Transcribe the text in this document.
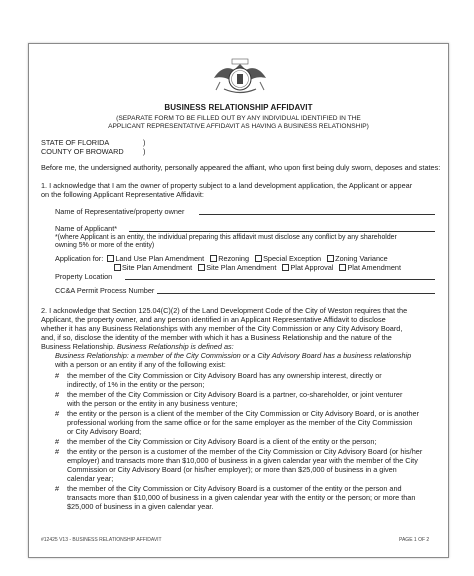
BUSINESS RELATIONSHIP AFFIDAVIT
(SEPARATE FORM TO BE FILLED OUT BY ANY INDIVIDUAL IDENTIFIED IN THE
APPLICANT REPRESENTATIVE AFFIDAVIT AS HAVING A BUSINESS RELATIONSHIP)
STATE OF FLORIDA	)
COUNTY OF BROWARD	)
Before me, the undersigned authority, personally appeared the affiant, who upon first being duly sworn, deposes and states:
1. I acknowledge that I am the owner of property subject to a land development application, the Applicant or appear
on the following Applicant Representative Affidavit:
Name of Representative/property owner
Name of Applicant*
*(where Applicant is an entity, the individual preparing this affidavit must disclose any conflict by any shareholder
owning 5% or more of the entity)
Application for: Land Use Plan Amendment Rezoning Special Exception Zoning Variance
Site Plan Amendment Site Plan Amendment Plat Approval Plat Amendment
Property Location
CC&A Permit Process Number
2. I acknowledge that Section 125.04(C)(2) of the Land Development Code of the City of Weston requires that the
Applicant, the property owner, and any person identified in an Applicant Representative Affidavit to disclose
whether it has any Business Relationships with any member of the City Commission or any City Advisory Board,
and, if so, disclose the identity of the member with which it has a Business Relationship and the nature of the
Business Relationship. Business Relationship is defined as:
Business Relationship: a member of the City Commission or a City Advisory Board has a business relationship
with a person or an entity if any of the following exist:
# the member of the City Commission or City Advisory Board has any ownership interest, directly or
indirectly, of 1% in the entity or the person;
# the member of the City Commission or City Advisory Board is a partner, co-shareholder, or joint venturer
with the person or the entity in any business venture;
# the entity or the person is a client of the member of the City Commission or City Advisory Board, or is another
professional working from the same office or for the same employer as the member of the City Commission
or City Advisory Board;
# the member of the City Commission or City Advisory Board is a client of the entity or the person;
# the entity or the person is a customer of the member of the City Commission or City Advisory Board (or his/her
employer) and transacts more than $10,000 of business in a given calendar year with the member of the City
Commission or City Advisory Board (or his/her employer); or more than $25,000 of business in a given
calendar year;
# the member of the City Commission or City Advisory Board is a customer of the entity or the person and
transacts more than $10,000 of business in a given calendar year with the entity or the person; or more than
$25,000 of business in a given calendar year.
#12425 V13 - BUSINESS RELATIONSHIP AFFIDAVIT	PAGE 1 OF 2
